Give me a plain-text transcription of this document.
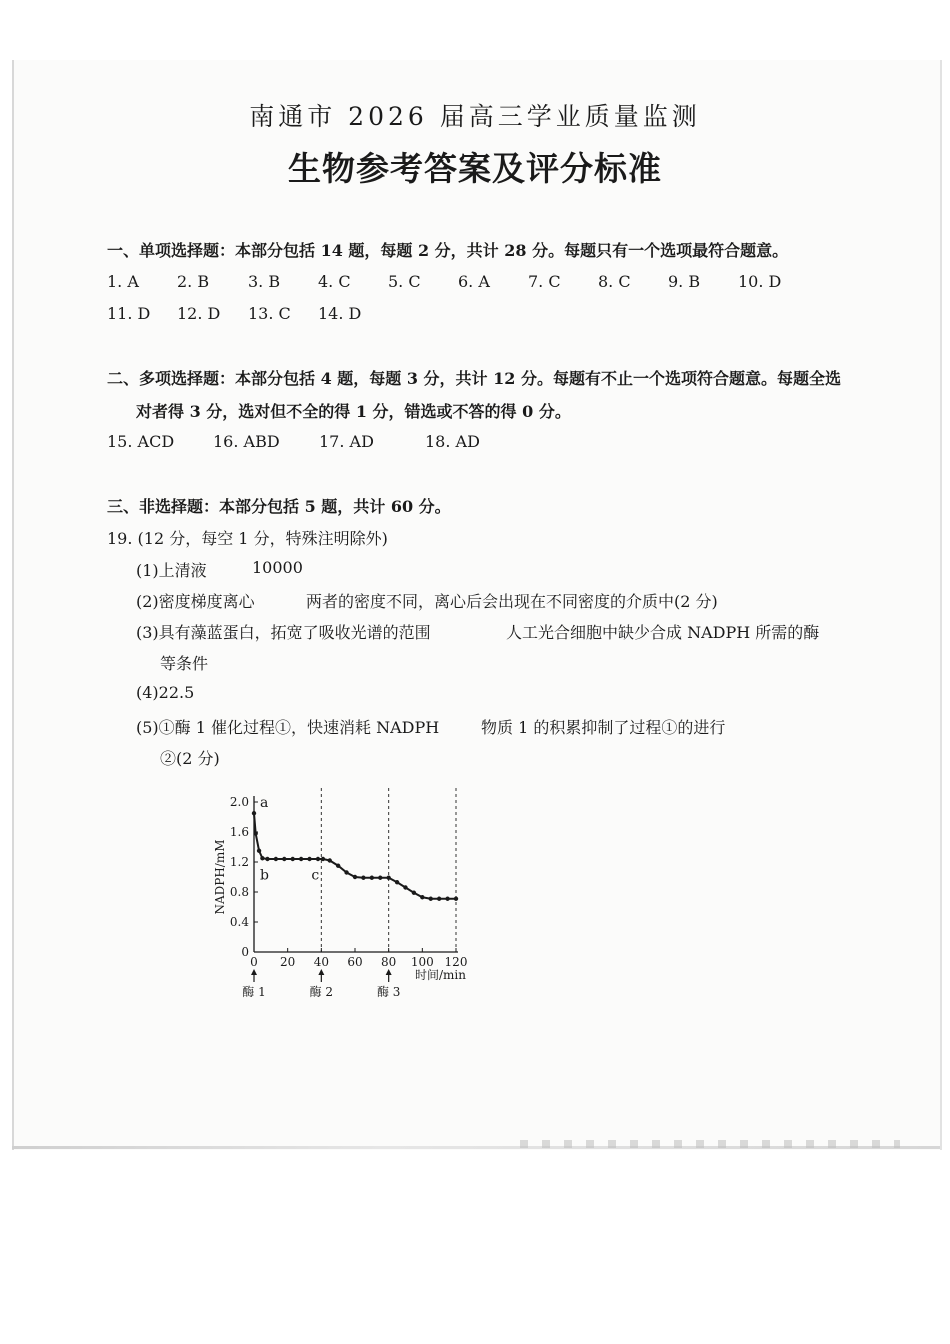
南通市 2026 届高三学业质量监测
生物参考答案及评分标准
一、单项选择题：本部分包括 14 题，每题 2 分，共计 28 分。每题只有一个选项最符合题意。
1. A 2. B 3. B 4. C 5. C 6. A 7. C 8. C 9. B 10. D
11. D 12. D 13. C 14. D
二、多项选择题：本部分包括 4 题，每题 3 分，共计 12 分。每题有不止一个选项符合题意。每题全选
对者得 3 分，选对但不全的得 1 分，错选或不答的得 0 分。
15. ACD 16. ABD 17. AD	18. AD
三、非选择题：本部分包括 5 题，共计 60 分。
19. (12 分，每空 1 分，特殊注明除外)
(1)上清液	10000
(2)密度梯度离心	两者的密度不同，离心后会出现在不同密度的介质中(2 分)
(3)具有藻蓝蛋白，拓宽了吸收光谱的范围	人工光合细胞中缺少合成 NADPH 所需的酶
等条件
(4)22.5
(5)①酶 1 催化过程①，快速消耗 NADPH	物质 1 的积累抑制了过程①的进行
②(2 分)
0
0.4
0.8
1.2
1.6
2.0
0 20 40 60 80 100 120
NADPH/mM
时间/min
a
b	c
酶 1	酶 2	酶 3
